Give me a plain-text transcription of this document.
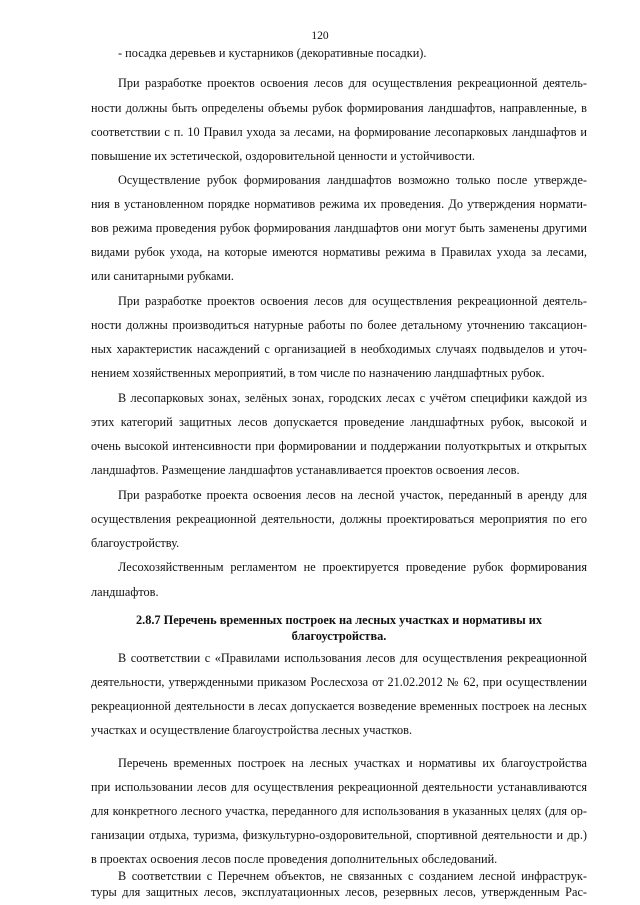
120
- посадка деревьев и кустарников (декоративные посадки).
При разработке проектов освоения лесов для осуществления рекреационной деятель-
ности должны быть определены объемы рубок формирования ландшафтов, направленные, в
соответствии с п. 10 Правил ухода за лесами, на формирование лесопарковых ландшафтов и
повышение их эстетической, оздоровительной ценности и устойчивости.
Осуществление рубок формирования ландшафтов возможно только после утвержде-
ния в установленном порядке нормативов режима их проведения. До утверждения нормати-
вов режима проведения рубок формирования ландшафтов они могут быть заменены другими
видами рубок ухода, на которые имеются нормативы режима в Правилах ухода за лесами,
или санитарными рубками.
При разработке проектов освоения лесов для осуществления рекреационной деятель-
ности должны производиться натурные работы по более детальному уточнению таксацион-
ных характеристик насаждений с организацией в необходимых случаях подвыделов и уточ-
нением хозяйственных мероприятий, в том числе по назначению ландшафтных рубок.
В лесопарковых зонах, зелёных зонах, городских лесах с учётом специфики каждой из
этих категорий защитных лесов допускается проведение ландшафтных рубок, высокой и
очень высокой интенсивности при формировании и поддержании полуоткрытых и открытых
ландшафтов. Размещение ландшафтов устанавливается проектов освоения лесов.
При разработке проекта освоения лесов на лесной участок, переданный в аренду для
осуществления рекреационной деятельности, должны проектироваться мероприятия по его
благоустройству.
Лесохозяйственным регламентом не проектируется проведение рубок формирования
ландшафтов.
2.8.7 Перечень временных построек на лесных участках и нормативы их
благоустройства.
В соответствии с «Правилами использования лесов для осуществления рекреационной
деятельности, утвержденными приказом Рослесхоза от 21.02.2012 № 62, при осуществлении
рекреационной деятельности в лесах допускается возведение временных построек на лесных
участках и осуществление благоустройства лесных участков.
Перечень временных построек на лесных участках и нормативы их благоустройства
при использовании лесов для осуществления рекреационной деятельности устанавливаются
для конкретного лесного участка, переданного для использования в указанных целях (для ор-
ганизации отдыха, туризма, физкультурно-оздоровительной, спортивной деятельности и др.)
в проектах освоения лесов после проведения дополнительных обследований.
В соответствии с Перечнем объектов, не связанных с созданием лесной инфраструк-
туры для защитных лесов, эксплуатационных лесов, резервных лесов, утвержденным Рас-
